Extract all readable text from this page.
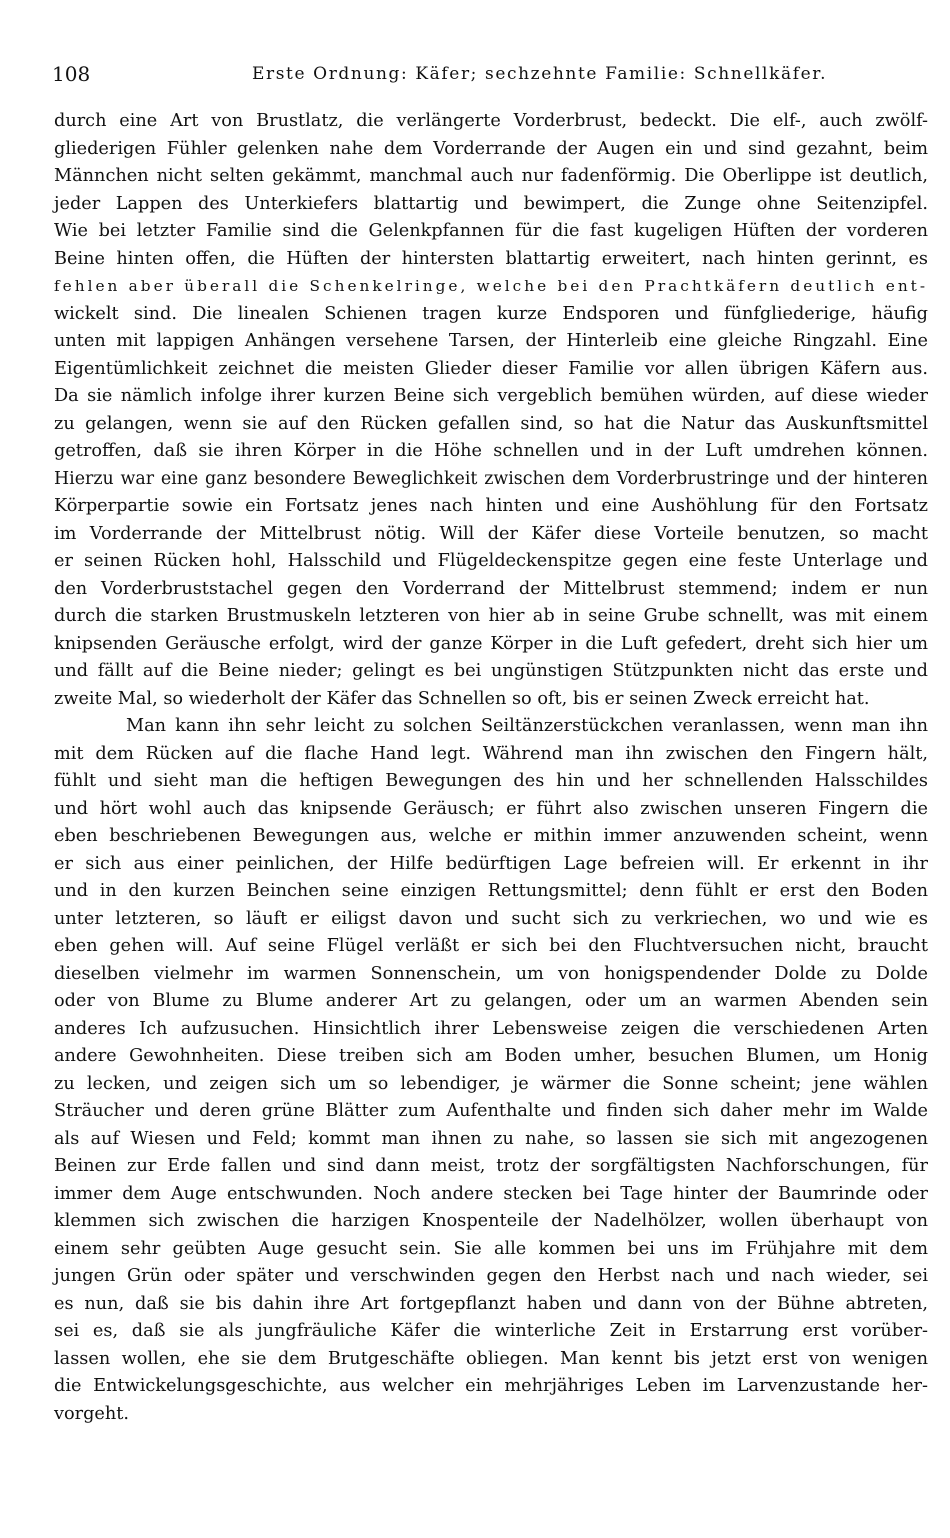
108	Erste Ordnung: Käfer; sechzehnte Familie: Schnellkäfer.
durch eine Art von Brustlatz, die verlängerte Vorderbrust, bedeckt. Die elf-, auch zwölf-
gliederigen Fühler gelenken nahe dem Vorderrande der Augen ein und sind gezahnt, beim
Männchen nicht selten gekämmt, manchmal auch nur fadenförmig. Die Oberlippe ist deutlich,
jeder Lappen des Unterkiefers blattartig und bewimpert, die Zunge ohne Seitenzipfel.
Wie bei letzter Familie sind die Gelenkpfannen für die fast kugeligen Hüften der vorderen
Beine hinten offen, die Hüften der hintersten blattartig erweitert, nach hinten gerinnt, es
fehlen aber überall die Schenkelringe, welche bei den Prachtkäfern deutlich ent-
wickelt sind. Die linealen Schienen tragen kurze Endsporen und fünfgliederige, häufig
unten mit lappigen Anhängen versehene Tarsen, der Hinterleib eine gleiche Ringzahl. Eine
Eigentümlichkeit zeichnet die meisten Glieder dieser Familie vor allen übrigen Käfern aus.
Da sie nämlich infolge ihrer kurzen Beine sich vergeblich bemühen würden, auf diese wieder
zu gelangen, wenn sie auf den Rücken gefallen sind, so hat die Natur das Auskunftsmittel
getroffen, daß sie ihren Körper in die Höhe schnellen und in der Luft umdrehen können.
Hierzu war eine ganz besondere Beweglichkeit zwischen dem Vorderbrustringe und der hinteren
Körperpartie sowie ein Fortsatz jenes nach hinten und eine Aushöhlung für den Fortsatz
im Vorderrande der Mittelbrust nötig. Will der Käfer diese Vorteile benutzen, so macht
er seinen Rücken hohl, Halsschild und Flügeldeckenspitze gegen eine feste Unterlage und
den Vorderbruststachel gegen den Vorderrand der Mittelbrust stemmend; indem er nun
durch die starken Brustmuskeln letzteren von hier ab in seine Grube schnellt, was mit einem
knipsenden Geräusche erfolgt, wird der ganze Körper in die Luft gefedert, dreht sich hier um
und fällt auf die Beine nieder; gelingt es bei ungünstigen Stützpunkten nicht das erste und
zweite Mal, so wiederholt der Käfer das Schnellen so oft, bis er seinen Zweck erreicht hat.
Man kann ihn sehr leicht zu solchen Seiltänzerstückchen veranlassen, wenn man ihn
mit dem Rücken auf die flache Hand legt. Während man ihn zwischen den Fingern hält,
fühlt und sieht man die heftigen Bewegungen des hin und her schnellenden Halsschildes
und hört wohl auch das knipsende Geräusch; er führt also zwischen unseren Fingern die
eben beschriebenen Bewegungen aus, welche er mithin immer anzuwenden scheint, wenn
er sich aus einer peinlichen, der Hilfe bedürftigen Lage befreien will. Er erkennt in ihr
und in den kurzen Beinchen seine einzigen Rettungsmittel; denn fühlt er erst den Boden
unter letzteren, so läuft er eiligst davon und sucht sich zu verkriechen, wo und wie es
eben gehen will. Auf seine Flügel verläßt er sich bei den Fluchtversuchen nicht, braucht
dieselben vielmehr im warmen Sonnenschein, um von honigspendender Dolde zu Dolde
oder von Blume zu Blume anderer Art zu gelangen, oder um an warmen Abenden sein
anderes Ich aufzusuchen. Hinsichtlich ihrer Lebensweise zeigen die verschiedenen Arten
andere Gewohnheiten. Diese treiben sich am Boden umher, besuchen Blumen, um Honig
zu lecken, und zeigen sich um so lebendiger, je wärmer die Sonne scheint; jene wählen
Sträucher und deren grüne Blätter zum Aufenthalte und finden sich daher mehr im Walde
als auf Wiesen und Feld; kommt man ihnen zu nahe, so lassen sie sich mit angezogenen
Beinen zur Erde fallen und sind dann meist, trotz der sorgfältigsten Nachforschungen, für
immer dem Auge entschwunden. Noch andere stecken bei Tage hinter der Baumrinde oder
klemmen sich zwischen die harzigen Knospenteile der Nadelhölzer, wollen überhaupt von
einem sehr geübten Auge gesucht sein. Sie alle kommen bei uns im Frühjahre mit dem
jungen Grün oder später und verschwinden gegen den Herbst nach und nach wieder, sei
es nun, daß sie bis dahin ihre Art fortgepflanzt haben und dann von der Bühne abtreten,
sei es, daß sie als jungfräuliche Käfer die winterliche Zeit in Erstarrung erst vorüber-
lassen wollen, ehe sie dem Brutgeschäfte obliegen. Man kennt bis jetzt erst von wenigen
die Entwickelungsgeschichte, aus welcher ein mehrjähriges Leben im Larvenzustande her-
vorgeht.
